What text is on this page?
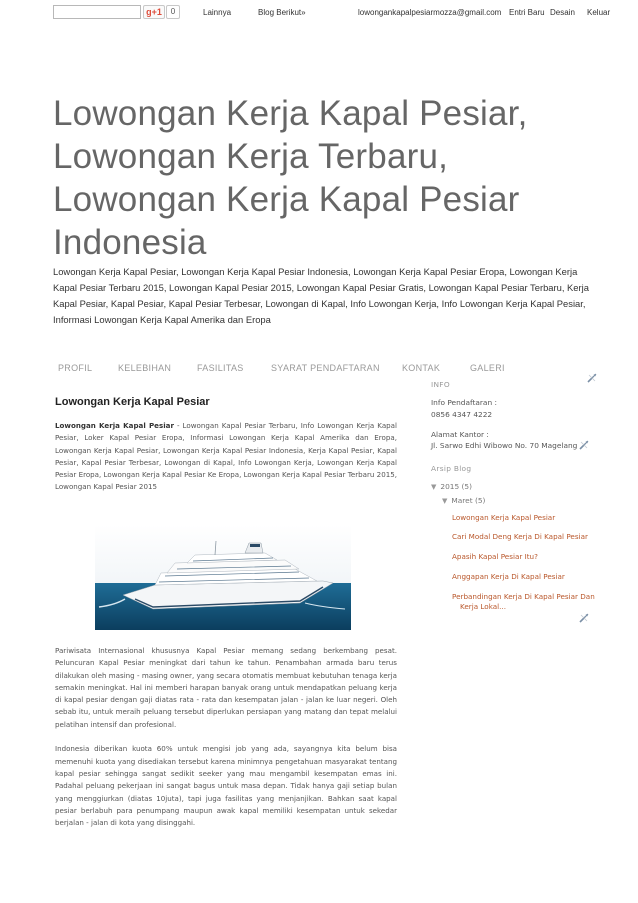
g+1	0	Lainnya	Blog Berikut»	lowongankapalpesiarmozza@gmail.com Entri Baru Desain Keluar
Lowongan Kerja Kapal Pesiar, Lowongan Kerja Terbaru, Lowongan Kerja Kapal Pesiar Indonesia
Lowongan Kerja Kapal Pesiar, Lowongan Kerja Kapal Pesiar Indonesia, Lowongan Kerja Kapal Pesiar Eropa, Lowongan Kerja Kapal Pesiar Terbaru 2015, Lowongan Kapal Pesiar 2015, Lowongan Kapal Pesiar Gratis, Lowongan Kapal Pesiar Terbaru, Kerja Kapal Pesiar, Kapal Pesiar, Kapal Pesiar Terbesar, Lowongan di Kapal, Info Lowongan Kerja, Info Lowongan Kerja Kapal Pesiar, Informasi Lowongan Kerja Kapal Amerika dan Eropa
PROFIL	KELEBIHAN	FASILITAS	SYARAT PENDAFTARAN KONTAK	GALERI
Lowongan Kerja Kapal Pesiar
Lowongan Kerja Kapal Pesiar - Lowongan Kapal Pesiar Terbaru, Info Lowongan Kerja Kapal Pesiar, Loker Kapal Pesiar Eropa, Informasi Lowongan Kerja Kapal Amerika dan Eropa, Lowongan Kerja Kapal Pesiar, Lowongan Kerja Kapal Pesiar Indonesia, Kerja Kapal Pesiar, Kapal Pesiar, Kapal Pesiar Terbesar, Lowongan di Kapal, Info Lowongan Kerja, Lowongan Kerja Kapal Pesiar Eropa, Lowongan Kerja Kapal Pesiar Ke Eropa, Lowongan Kerja Kapal Pesiar Terbaru 2015, Lowongan Kapal Pesiar 2015

Pariwisata Internasional khususnya Kapal Pesiar memang sedang berkembang pesat. Peluncuran Kapal Pesiar meningkat dari tahun ke tahun. Penambahan armada baru terus dilakukan oleh masing - masing owner, yang secara otomatis membuat kebutuhan tenaga kerja semakin meningkat. Hal ini memberi harapan banyak orang untuk mendapatkan peluang kerja di kapal pesiar dengan gaji diatas rata - rata dan kesempatan jalan - jalan ke luar negeri. Oleh sebab itu, untuk meraih peluang tersebut diperlukan persiapan yang matang dan tepat melalui pelatihan intensif dan profesional.

Indonesia diberikan kuota 60% untuk mengisi job yang ada, sayangnya kita belum bisa memenuhi kuota yang disediakan tersebut karena minimnya pengetahuan masyarakat tentang kapal pesiar sehingga sangat sedikit seeker yang mau mengambil kesempatan emas ini. Padahal peluang pekerjaan ini sangat bagus untuk masa depan. Tidak hanya gaji setiap bulan yang menggiurkan (diatas 10juta), tapi juga fasilitas yang menjanjikan. Bahkan saat kapal pesiar berlabuh para penumpang maupun awak kapal memiliki kesempatan untuk sekedar berjalan - jalan di kota yang disinggahi.

INFO
Info Pendaftaran :
0856 4347 4222
Alamat Kantor :
Jl. Sarwo Edhi Wibowo No. 70 Magelang
Arsip Blog
▼ 2015 (5)
▼ Maret (5)
Lowongan Kerja Kapal Pesiar
Cari Modal Deng Kerja Di Kapal Pesiar
Apasih Kapal Pesiar Itu?
Anggapan Kerja Di Kapal Pesiar
Perbandingan Kerja Di Kapal Pesiar Dan Kerja Lokal...
